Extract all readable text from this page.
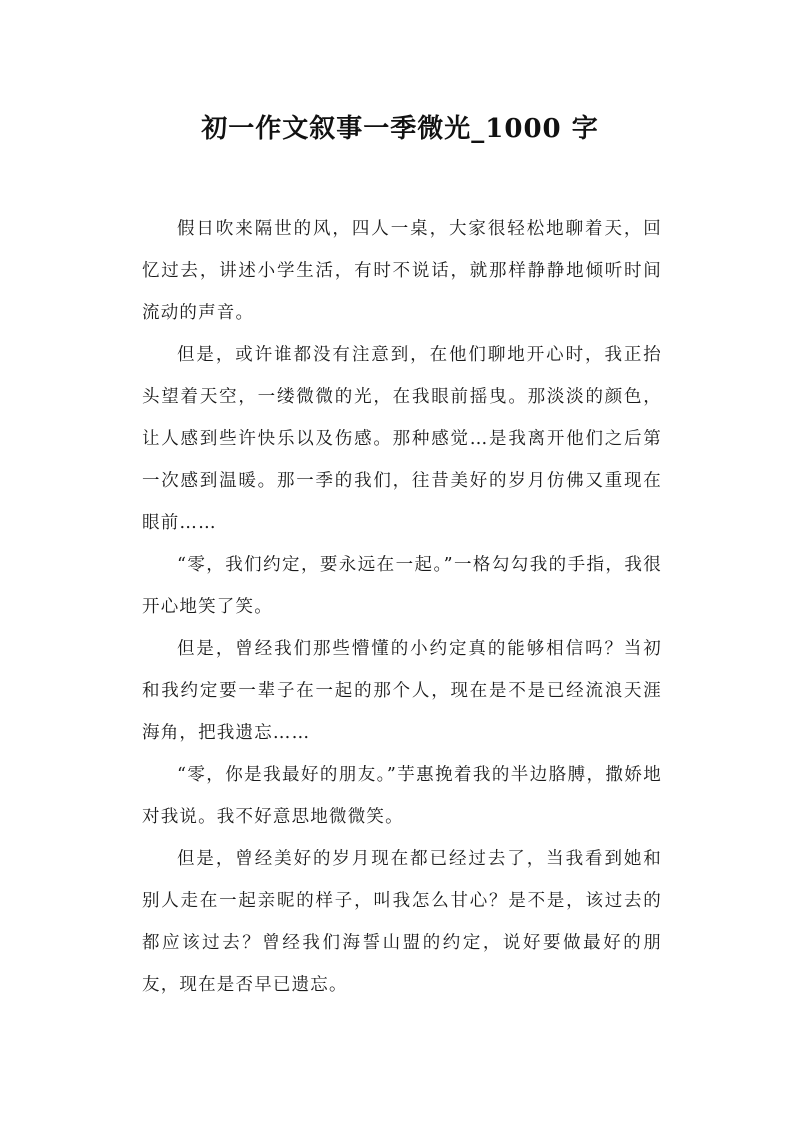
初一作文叙事一季微光_1000 字

假日吹来隔世的风，四人一桌，大家很轻松地聊着天，回忆过去，讲述小学生活，有时不说话，就那样静静地倾听时间流动的声音。

但是，或许谁都没有注意到，在他们聊地开心时，我正抬头望着天空，一缕微微的光，在我眼前摇曳。那淡淡的颜色，让人感到些许快乐以及伤感。那种感觉…是我离开他们之后第一次感到温暖。那一季的我们，往昔美好的岁月仿佛又重现在眼前……

“零，我们约定，要永远在一起。”一格勾勾我的手指，我很开心地笑了笑。

但是，曾经我们那些懵懂的小约定真的能够相信吗？当初和我约定要一辈子在一起的那个人，现在是不是已经流浪天涯海角，把我遗忘……

“零，你是我最好的朋友。”芋惠挽着我的半边胳膊，撒娇地对我说。我不好意思地微微笑。

但是，曾经美好的岁月现在都已经过去了，当我看到她和别人走在一起亲昵的样子，叫我怎么甘心？是不是，该过去的都应该过去？曾经我们海誓山盟的约定，说好要做最好的朋友，现在是否早已遗忘。
